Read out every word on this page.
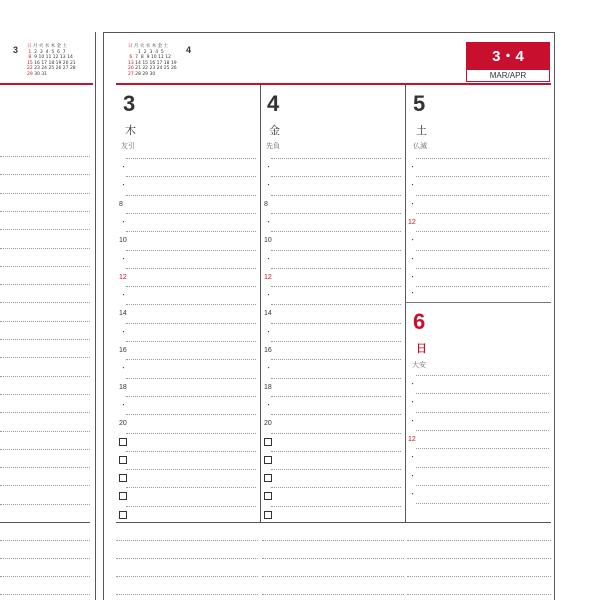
3 日 月 火 水 木 金 土
1  2  3  4  5  6  7
8  9 10 11 12 13 14
15 16 17 18 19 20 21
22 23 24 25 26 27 28
29 30 31

日 月 火 水 木 金 土
1  2  3  4  5
6  7  8  9 10 11 12
13 14 15 16 17 18 19
20 21 22 23 24 25 26
27 28 29 30

4	3・4
MAR/APR
3
木
友引
4
金
先負
5
土
仏滅
6
日
大安
・
・
8
・
10
・
12
・
14
・
16
・
18
・
20
・
・
8
・
10
・
12
・
14
・
16
・
18
・
20
・
・
・
12
・
・
・
・
・
・
・
12
・
・
・
